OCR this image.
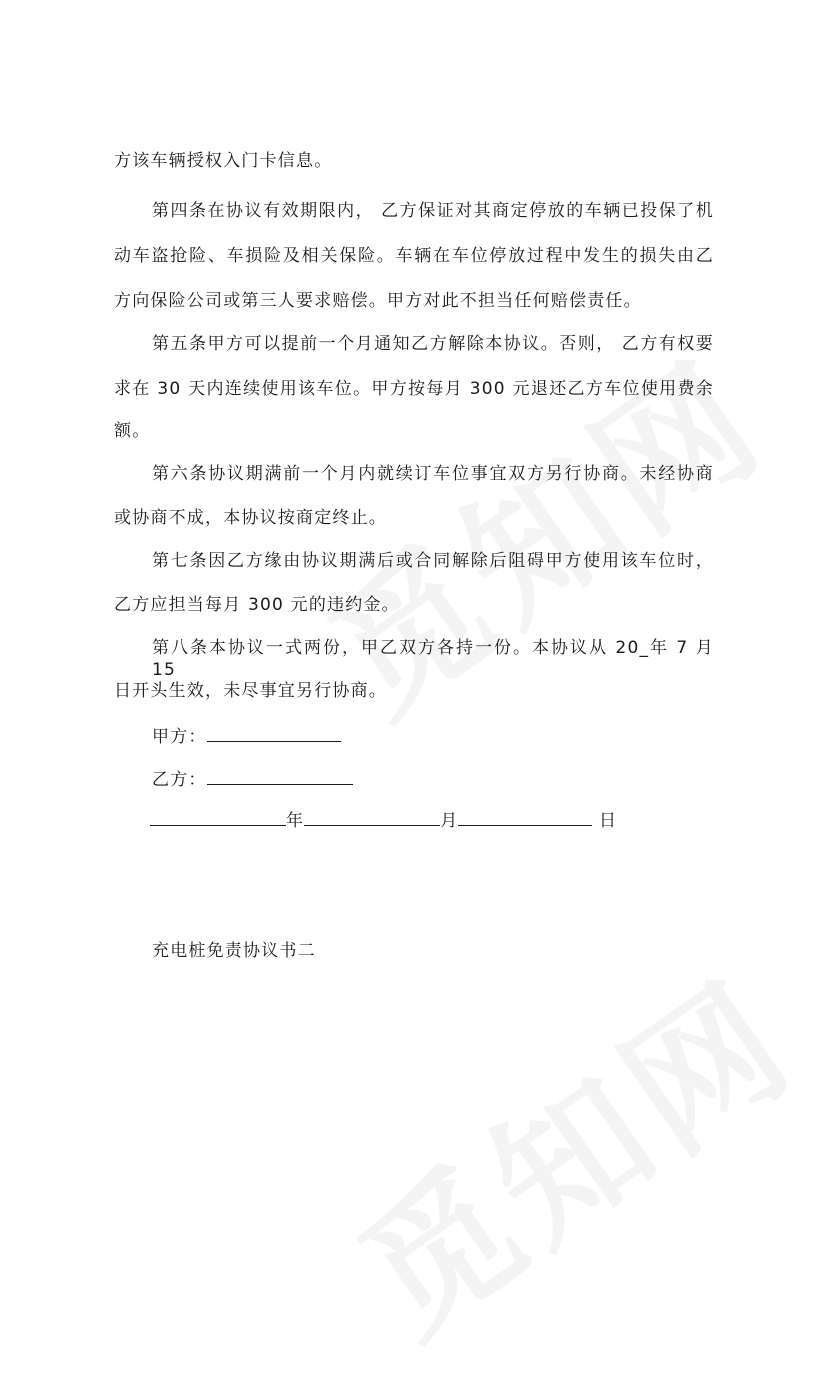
方该车辆授权入门卡信息。
第四条在协议有效期限内， 乙方保证对其商定停放的车辆已投保了机
动车盗抢险、车损险及相关保险。车辆在车位停放过程中发生的损失由乙
方向保险公司或第三人要求赔偿。甲方对此不担当任何赔偿责任。
第五条甲方可以提前一个月通知乙方解除本协议。否则， 乙方有权要
求在 30 天内连续使用该车位。甲方按每月 300 元退还乙方车位使用费余
额。
第六条协议期满前一个月内就续订车位事宜双方另行协商。未经协商
或协商不成，本协议按商定终止。
第七条因乙方缘由协议期满后或合同解除后阻碍甲方使用该车位时，
乙方应担当每月 300 元的违约金。
第八条本协议一式两份，甲乙双方各持一份。本协议从 20_年 7 月 15
日开头生效，未尽事宜另行协商。
甲方：
乙方：
年	月	日
充电桩免责协议书二
